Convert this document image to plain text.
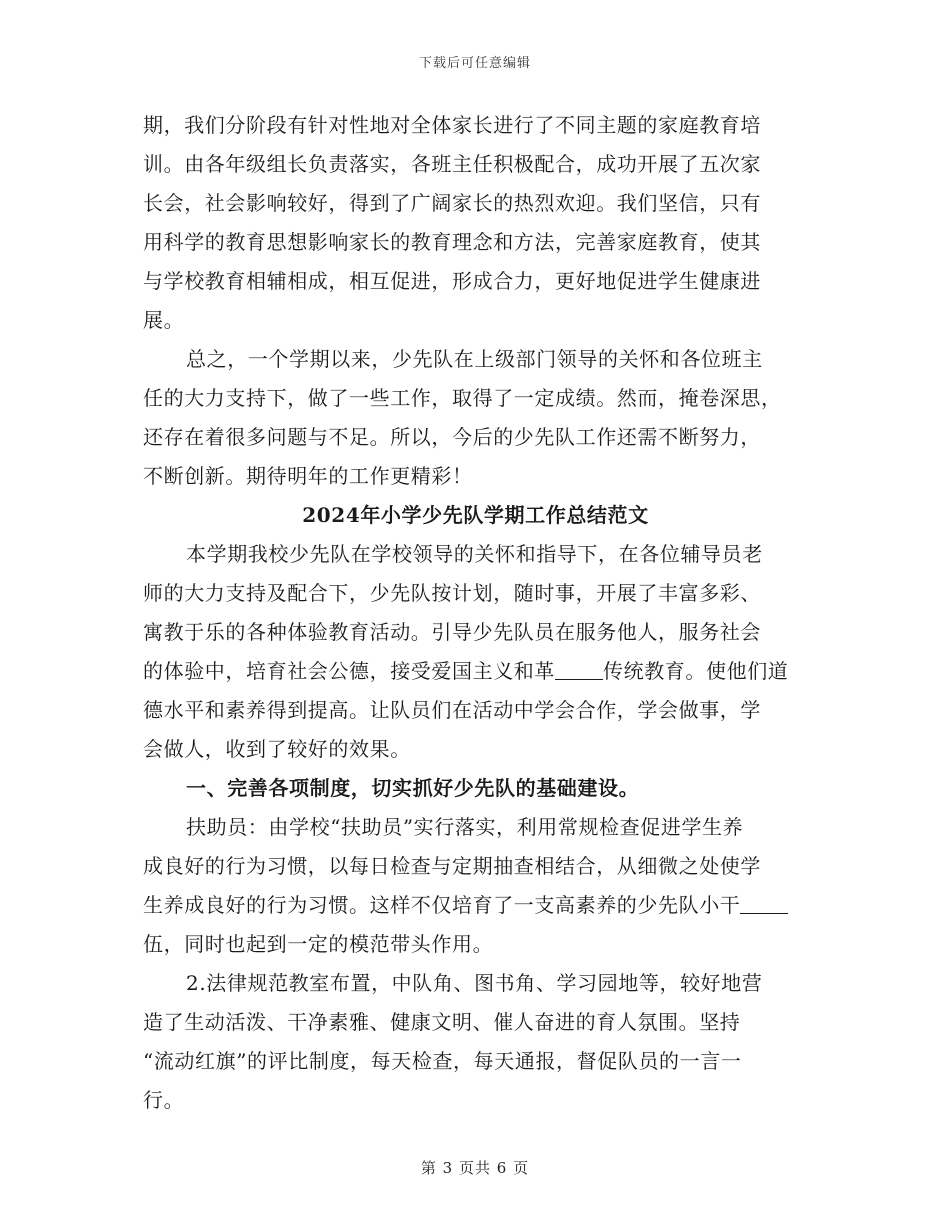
下载后可任意编辑
期，我们分阶段有针对性地对全体家长进行了不同主题的家庭教育培
训。由各年级组长负责落实，各班主任积极配合，成功开展了五次家
长会，社会影响较好，得到了广阔家长的热烈欢迎。我们坚信，只有
用科学的教育思想影响家长的教育理念和方法，完善家庭教育，使其
与学校教育相辅相成，相互促进，形成合力，更好地促进学生健康进
展。
总之，一个学期以来，少先队在上级部门领导的关怀和各位班主
任的大力支持下，做了一些工作，取得了一定成绩。然而，掩卷深思，
还存在着很多问题与不足。所以，今后的少先队工作还需不断努力，
不断创新。期待明年的工作更精彩！
2024年小学少先队学期工作总结范文
本学期我校少先队在学校领导的关怀和指导下，在各位辅导员老
师的大力支持及配合下，少先队按计划，随时事，开展了丰富多彩、
寓教于乐的各种体验教育活动。引导少先队员在服务他人，服务社会
的体验中，培育社会公德，接受爱国主义和革 传统教育。使他们道
德水平和素养得到提高。让队员们在活动中学会合作，学会做事，学
会做人，收到了较好的效果。
一、完善各项制度，切实抓好少先队的基础建设。
扶助员：由学校“扶助员”实行落实，利用常规检查促进学生养
成良好的行为习惯，以每日检查与定期抽查相结合，从细微之处使学
生养成良好的行为习惯。这样不仅培育了一支高素养的少先队小干
伍，同时也起到一定的模范带头作用。
2.法律规范教室布置，中队角、图书角、学习园地等，较好地营
造了生动活泼、干净素雅、健康文明、催人奋进的育人氛围。坚持
“流动红旗”的评比制度，每天检查，每天通报，督促队员的一言一
行。
第 3 页共 6 页
